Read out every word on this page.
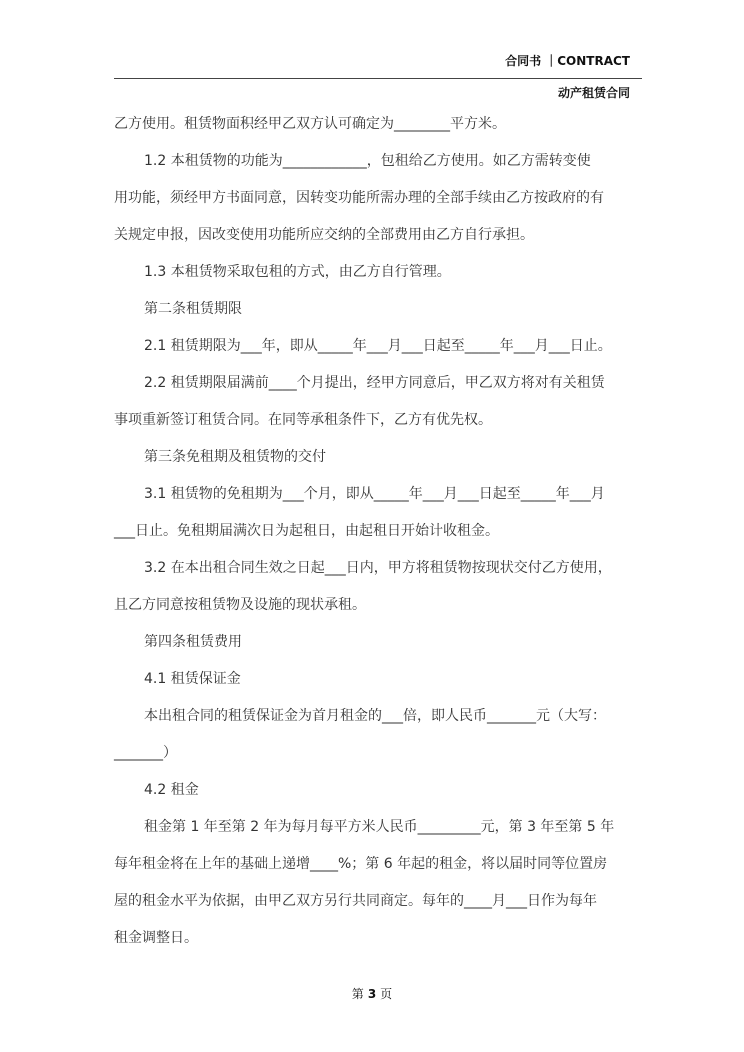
合同书 ｜CONTRACT
动产租赁合同
乙方使用。租赁物面积经甲乙双方认可确定为________平方米。
1.2 本租赁物的功能为____________，包租给乙方使用。如乙方需转变使
用功能，须经甲方书面同意，因转变功能所需办理的全部手续由乙方按政府的有
关规定申报，因改变使用功能所应交纳的全部费用由乙方自行承担。
1.3 本租赁物采取包租的方式，由乙方自行管理。
第二条租赁期限
2.1 租赁期限为___年，即从_____年___月___日起至_____年___月___日止。
2.2 租赁期限届满前____个月提出，经甲方同意后，甲乙双方将对有关租赁
事项重新签订租赁合同。在同等承租条件下，乙方有优先权。
第三条免租期及租赁物的交付
3.1 租赁物的免租期为___个月，即从_____年___月___日起至_____年___月
___日止。免租期届满次日为起租日，由起租日开始计收租金。
3.2 在本出租合同生效之日起___日内，甲方将租赁物按现状交付乙方使用，
且乙方同意按租赁物及设施的现状承租。
第四条租赁费用
4.1 租赁保证金
本出租合同的租赁保证金为首月租金的___倍，即人民币_______元（大写：
_______）
4.2 租金
租金第 1 年至第 2 年为每月每平方米人民币_________元，第 3 年至第 5 年
每年租金将在上年的基础上递增____%；第 6 年起的租金，将以届时同等位置房
屋的租金水平为依据，由甲乙双方另行共同商定。每年的____月___日作为每年
租金调整日。
第 3 页
